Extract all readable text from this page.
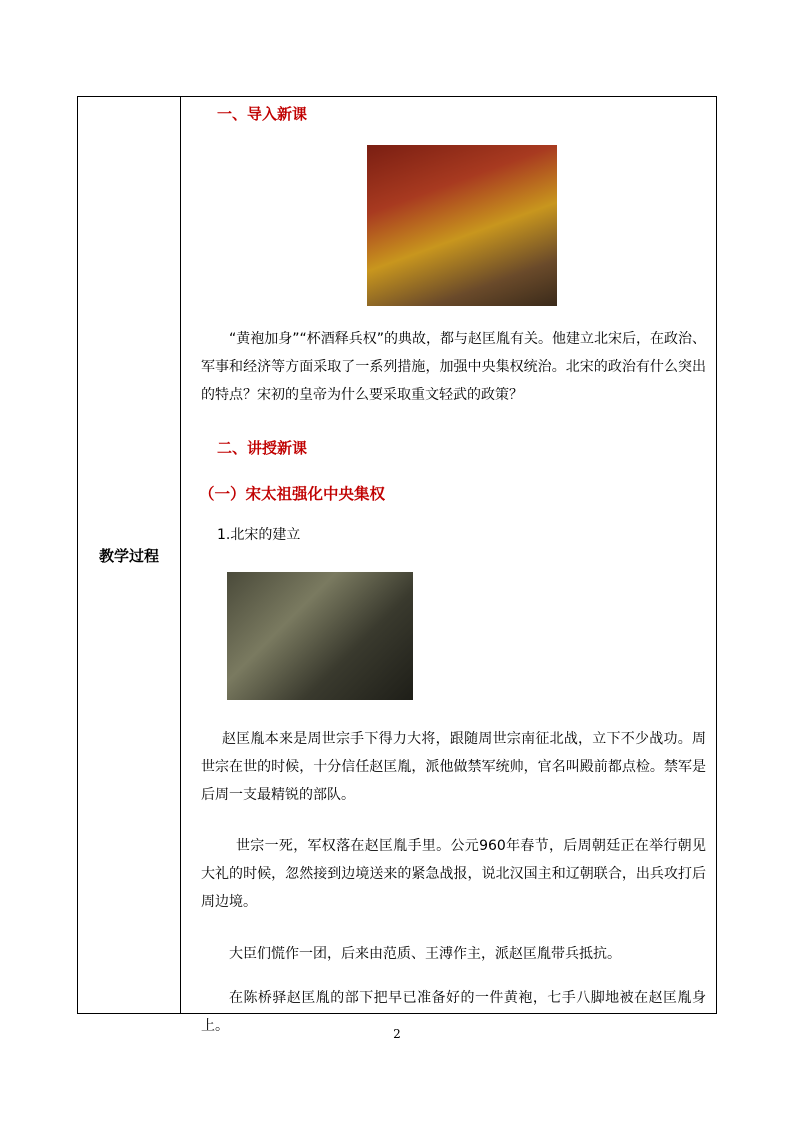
教学过程
一、导入新课
“黄袍加身”“杯酒释兵权”的典故，都与赵匡胤有关。他建立北宋后，在政治、军事和经济等方面采取了一系列措施，加强中央集权统治。北宋的政治有什么突出的特点？宋初的皇帝为什么要采取重文轻武的政策？
二、讲授新课
（一）宋太祖强化中央集权
1.北宋的建立
赵匡胤本来是周世宗手下得力大将，跟随周世宗南征北战，立下不少战功。周世宗在世的时候，十分信任赵匡胤，派他做禁军统帅，官名叫殿前都点检。禁军是后周一支最精锐的部队。
世宗一死，军权落在赵匡胤手里。公元960年春节，后周朝廷正在举行朝见大礼的时候，忽然接到边境送来的紧急战报，说北汉国主和辽朝联合，出兵攻打后周边境。
大臣们慌作一团，后来由范质、王溥作主，派赵匡胤带兵抵抗。
在陈桥驿赵匡胤的部下把早已准备好的一件黄袍，七手八脚地被在赵匡胤身上。	2
